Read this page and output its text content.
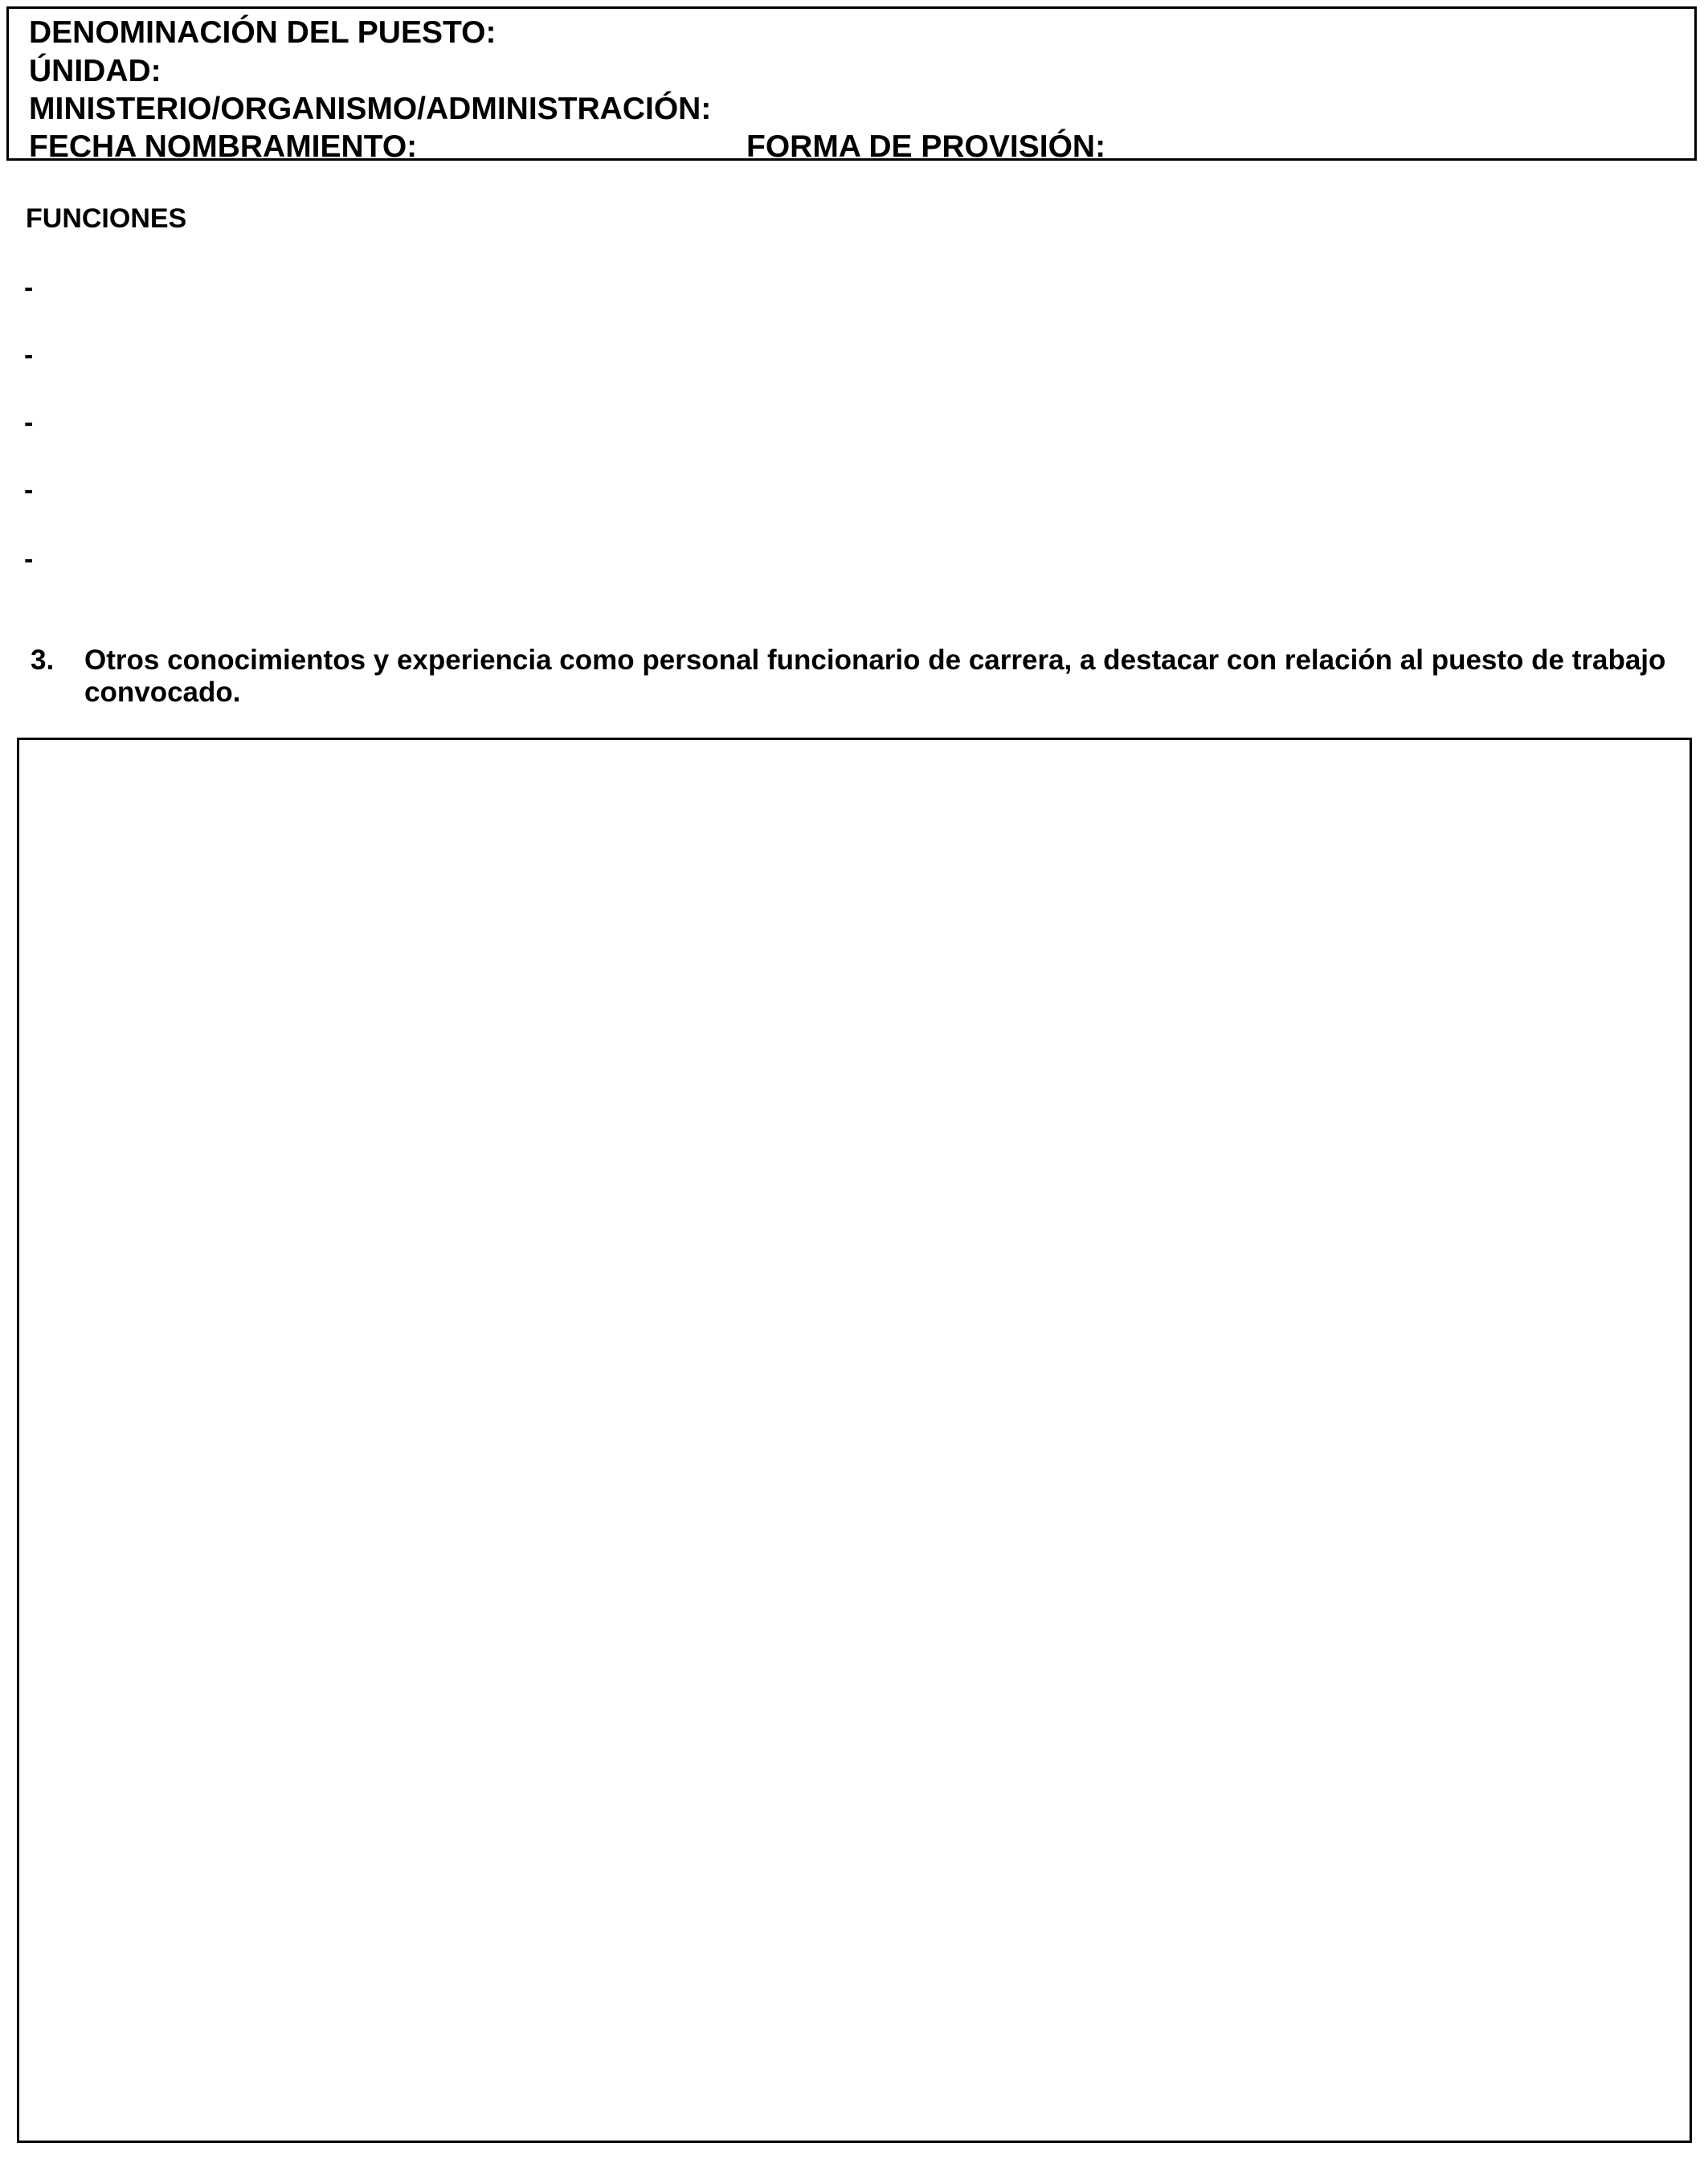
DENOMINACIÓN DEL PUESTO:
ÚNIDAD:
MINISTERIO/ORGANISMO/ADMINISTRACIÓN:
FECHA NOMBRAMIENTO:	FORMA DE PROVISIÓN:
FUNCIONES
-
-
-
-
-
3. Otros conocimientos y experiencia como personal funcionario de carrera, a destacar con relación al puesto de trabajo convocado.
